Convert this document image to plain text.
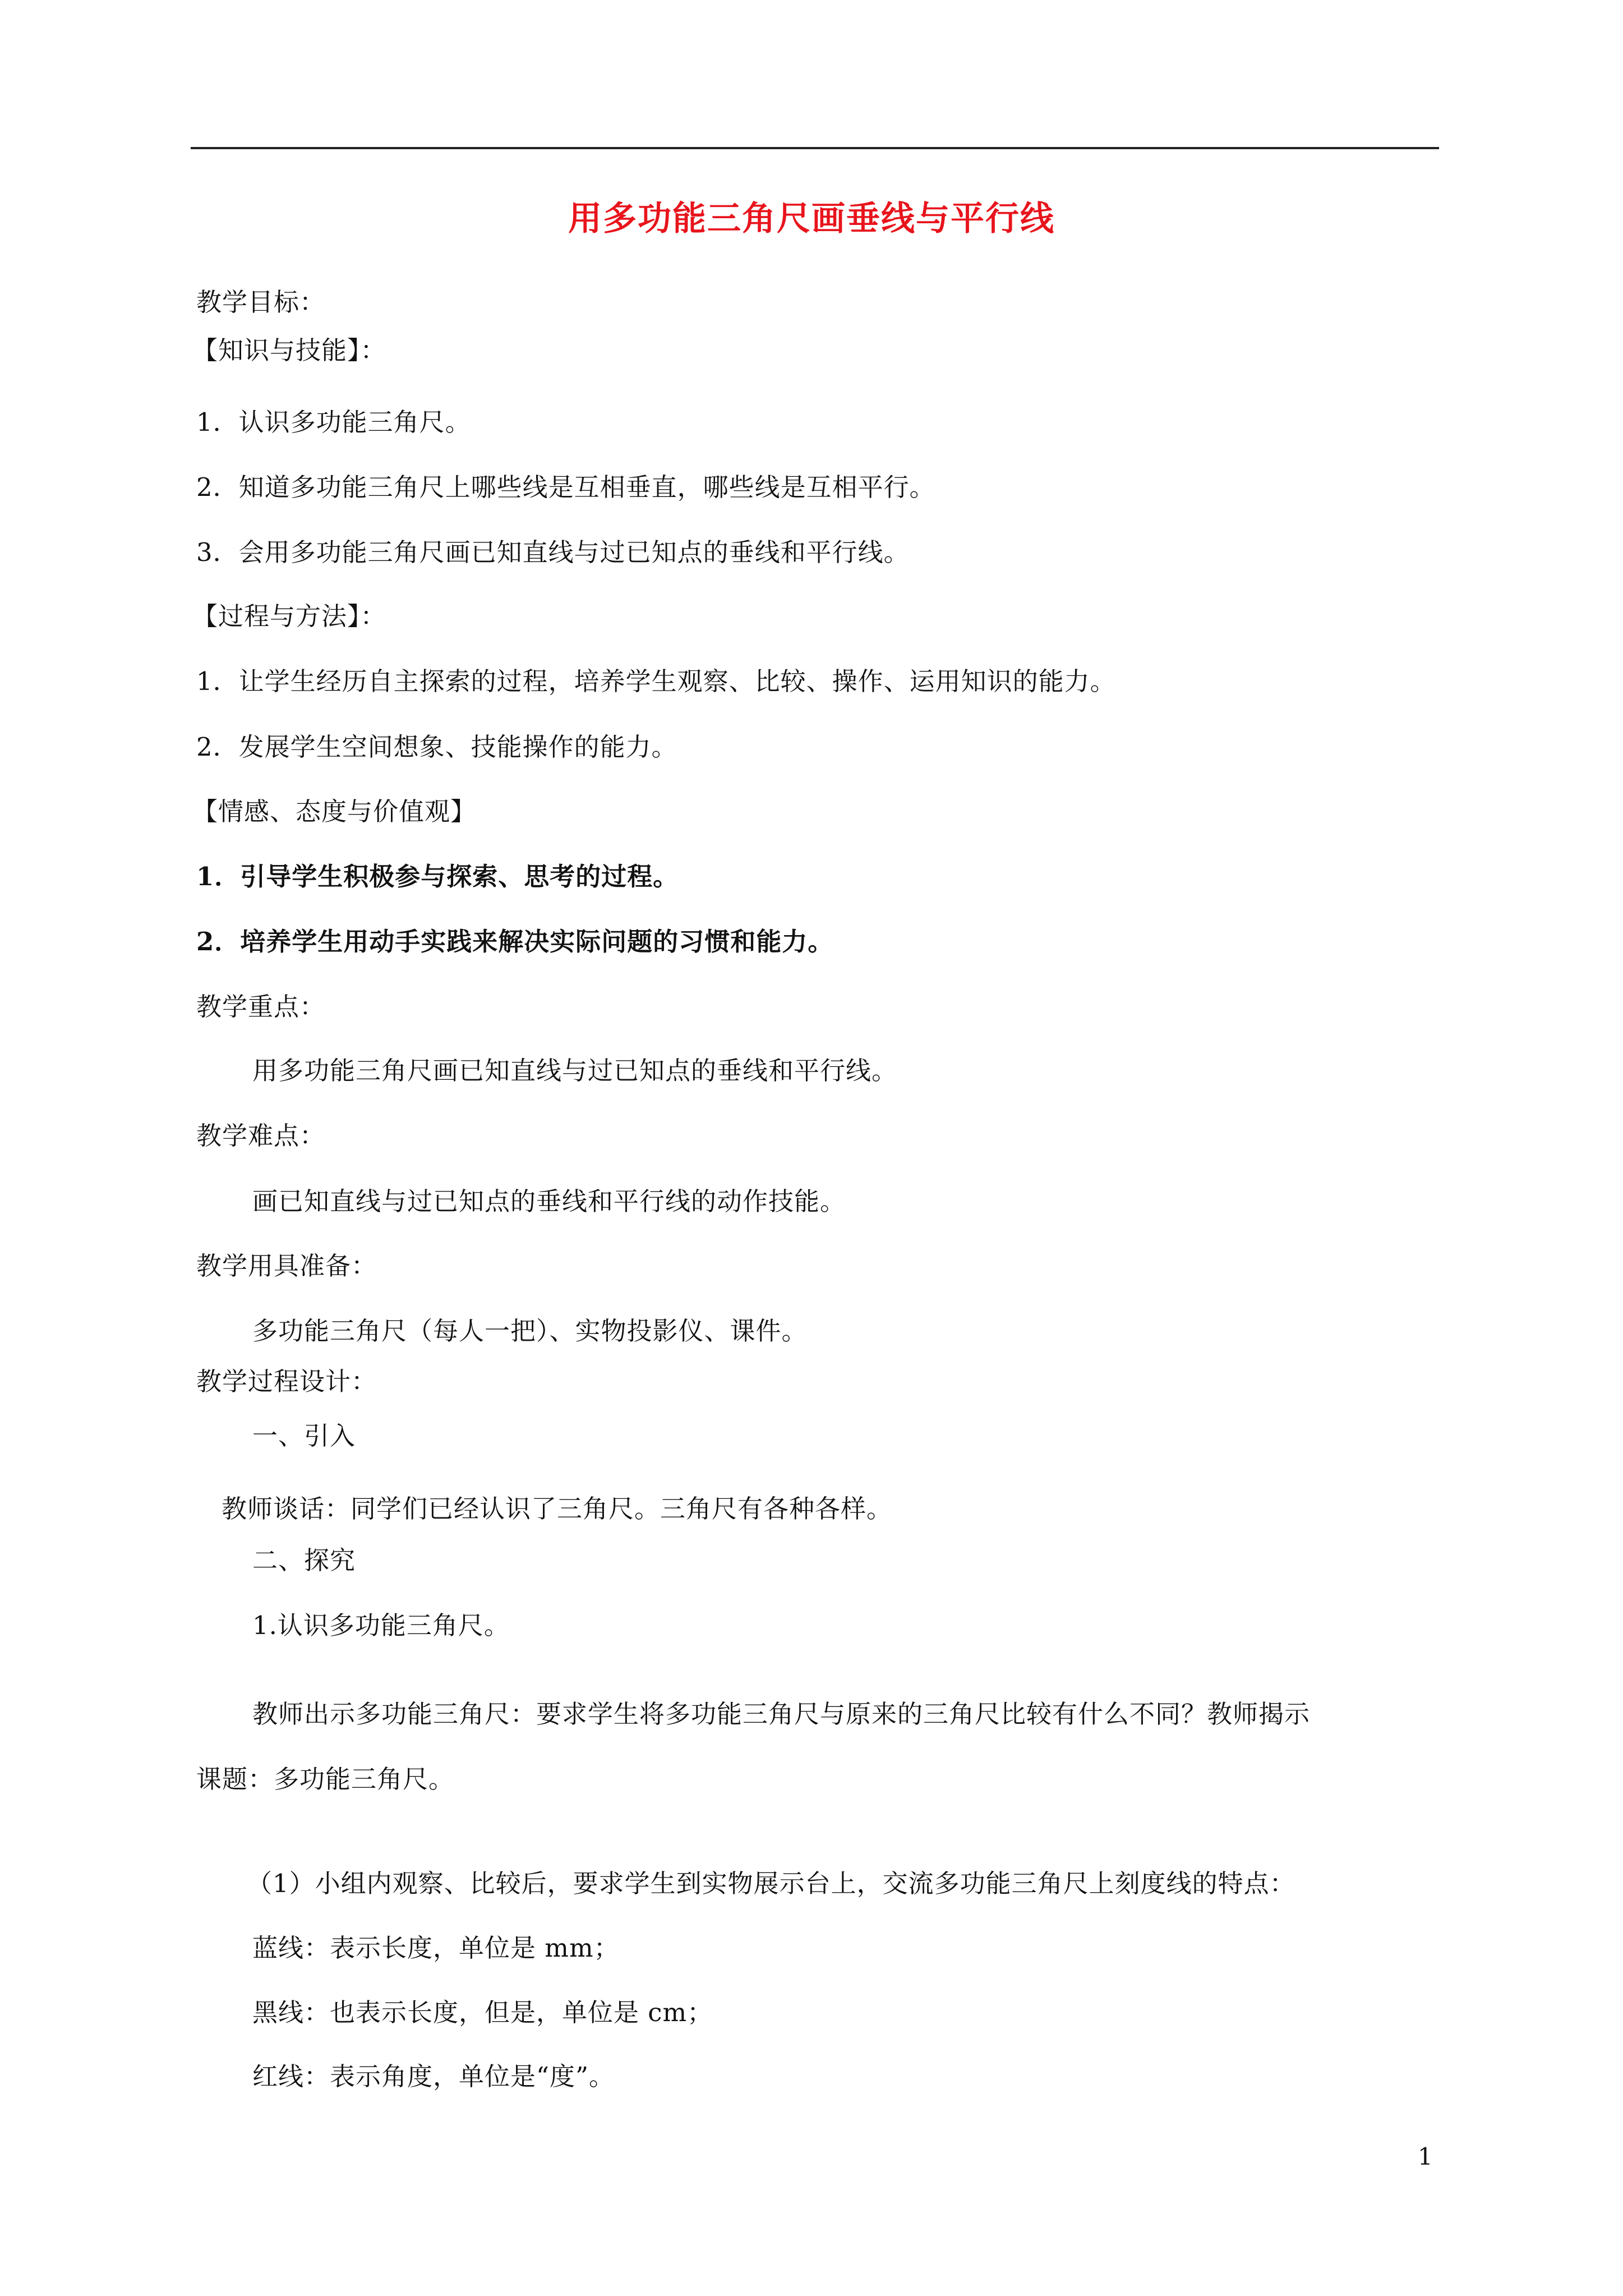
用多功能三角尺画垂线与平行线
教学目标：
【知识与技能】：
1．认识多功能三角尺。
2．知道多功能三角尺上哪些线是互相垂直，哪些线是互相平行。
3．会用多功能三角尺画已知直线与过已知点的垂线和平行线。
【过程与方法】：
1．让学生经历自主探索的过程，培养学生观察、比较、操作、运用知识的能力。
2．发展学生空间想象、技能操作的能力。
【情感、态度与价值观】
1．引导学生积极参与探索、思考的过程。
2．培养学生用动手实践来解决实际问题的习惯和能力。
教学重点：
用多功能三角尺画已知直线与过已知点的垂线和平行线。
教学难点：
画已知直线与过已知点的垂线和平行线的动作技能。
教学用具准备：
多功能三角尺（每人一把）、实物投影仪、课件。
教学过程设计：
一、引入
教师谈话：同学们已经认识了三角尺。三角尺有各种各样。
二、探究
1.认识多功能三角尺。
教师出示多功能三角尺：要求学生将多功能三角尺与原来的三角尺比较有什么不同？教师揭示
课题：多功能三角尺。
（1）小组内观察、比较后，要求学生到实物展示台上，交流多功能三角尺上刻度线的特点：
蓝线：表示长度，单位是 mm；
黑线：也表示长度，但是，单位是 cm；
红线：表示角度，单位是“度”。
1
